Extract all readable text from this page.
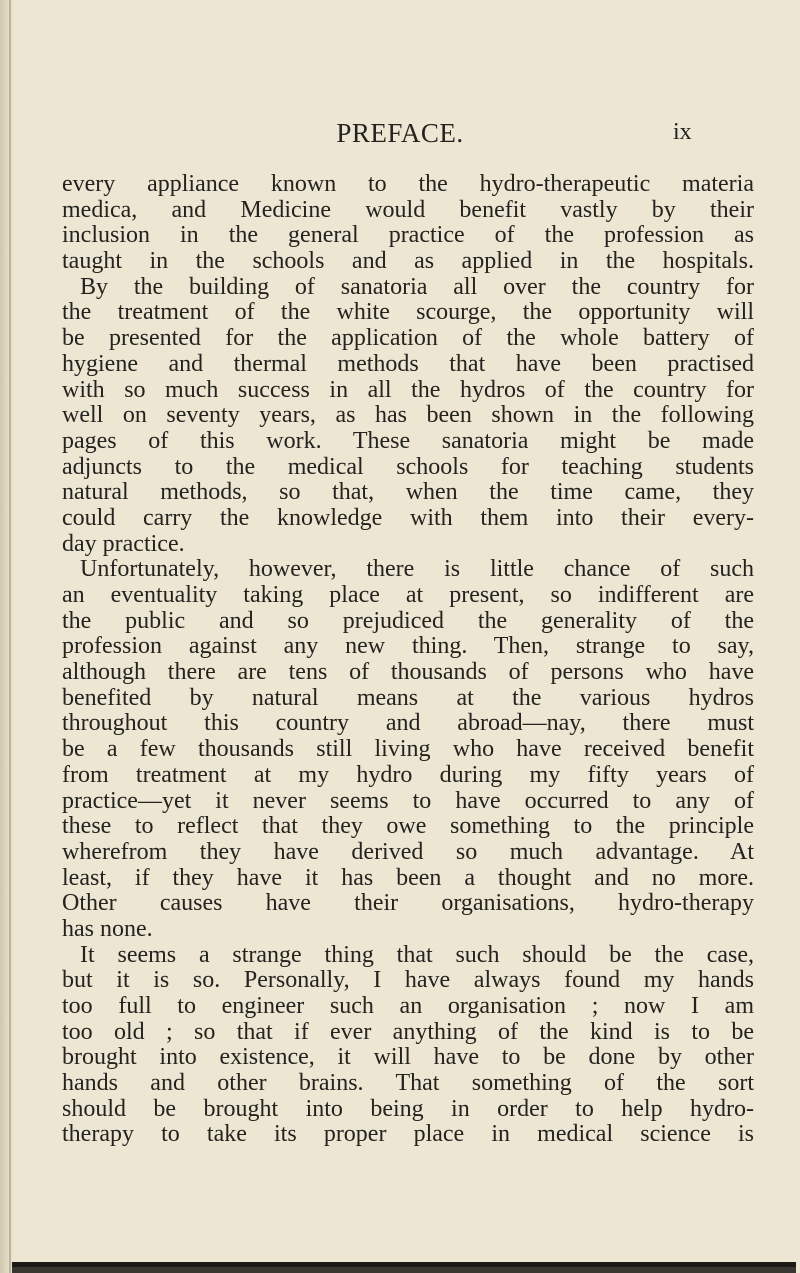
PREFACE.	ix
every appliance known to the hydro-therapeutic materia
medica, and Medicine would benefit vastly by their
inclusion in the general practice of the profession as
taught in the schools and as applied in the hospitals.
By the building of sanatoria all over the country for
the treatment of the white scourge, the opportunity will
be presented for the application of the whole battery of
hygiene and thermal methods that have been practised
with so much success in all the hydros of the country for
well on seventy years, as has been shown in the following
pages of this work. These sanatoria might be made
adjuncts to the medical schools for teaching students
natural methods, so that, when the time came, they
could carry the knowledge with them into their every-
day practice.
Unfortunately, however, there is little chance of such
an eventuality taking place at present, so indifferent are
the public and so prejudiced the generality of the
profession against any new thing. Then, strange to say,
although there are tens of thousands of persons who have
benefited by natural means at the various hydros
throughout this country and abroad—nay, there must
be a few thousands still living who have received benefit
from treatment at my hydro during my fifty years of
practice—yet it never seems to have occurred to any of
these to reflect that they owe something to the principle
wherefrom they have derived so much advantage. At
least, if they have it has been a thought and no more.
Other causes have their organisations, hydro-therapy
has none.
It seems a strange thing that such should be the case,
but it is so. Personally, I have always found my hands
too full to engineer such an organisation ; now I am
too old ; so that if ever anything of the kind is to be
brought into existence, it will have to be done by other
hands and other brains. That something of the sort
should be brought into being in order to help hydro-
therapy to take its proper place in medical science is
